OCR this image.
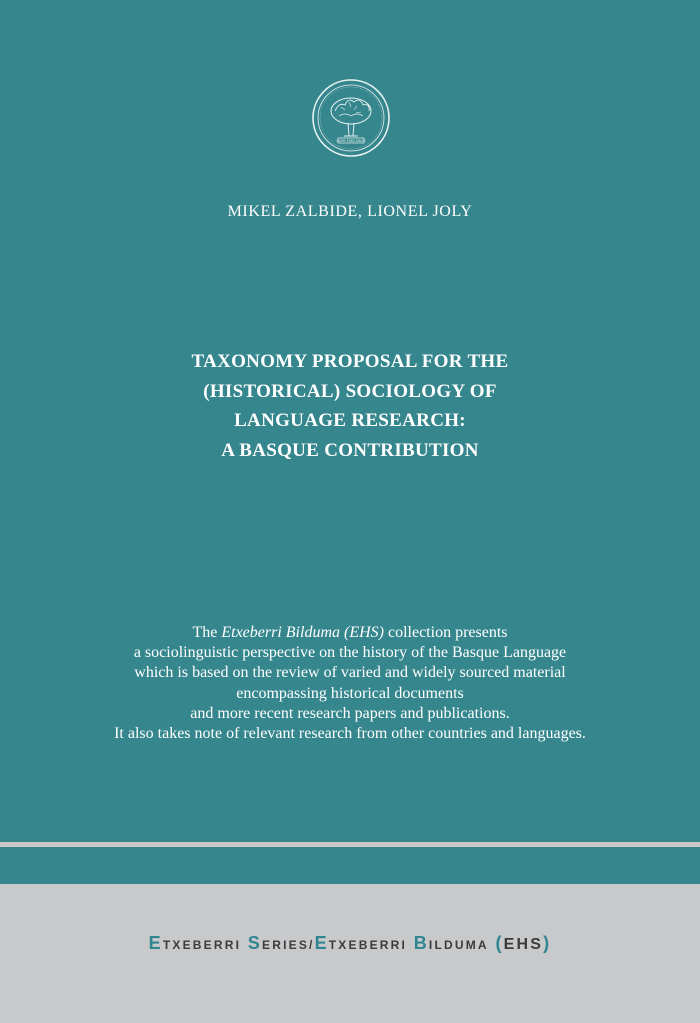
GURE ESKU DAGO
MIKEL ZALBIDE, LIONEL JOLY
TAXONOMY PROPOSAL FOR THE
(HISTORICAL) SOCIOLOGY OF
LANGUAGE RESEARCH:
A BASQUE CONTRIBUTION
The Etxeberri Bilduma (EHS) collection presents
a sociolinguistic perspective on the history of the Basque Language
which is based on the review of varied and widely sourced material
encompassing historical documents
and more recent research papers and publications.
It also takes note of relevant research from other countries and languages.
ETXEBERRI SERIES/ETXEBERRI BILDUMA (EHS)
